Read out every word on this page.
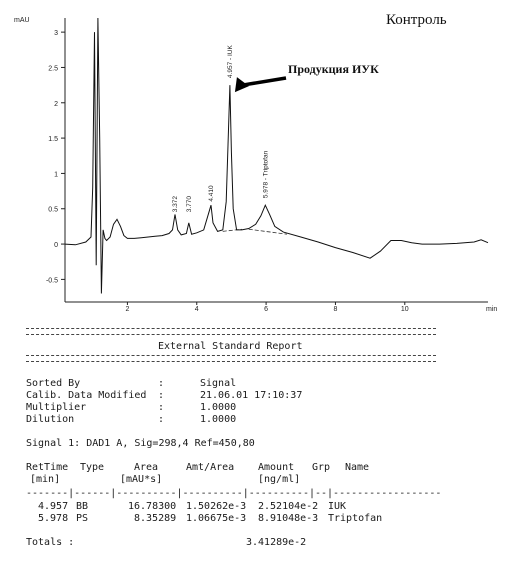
3
2.5
2
1.5
1
0.5
0
-0.5
2	4	6	8	10
mAU
min
3.372 3.770
4.410
4.957 - IUK
5.978 - Triptofan
Контроль
Продукция ИУК
External Standard Report
Sorted By	:	Signal
Calib. Data Modified :	21.06.01 17:10:37
Multiplier	:	1.0000
Dilution	:	1.0000
Signal 1: DAD1 A, Sig=298,4 Ref=450,80
RetTime Type	Area	Amt/Area Amount Grp Name
[min]	[mAU*s]	[ng/ml]
-------|------|----------|----------|----------|--|------------------
4.957 BB	16.78300 1.50262e-3 2.52104e-2 IUK
5.978 PS	8.35289 1.06675e-3 8.91048e-3 Triptofan
Totals :	3.41289e-2
